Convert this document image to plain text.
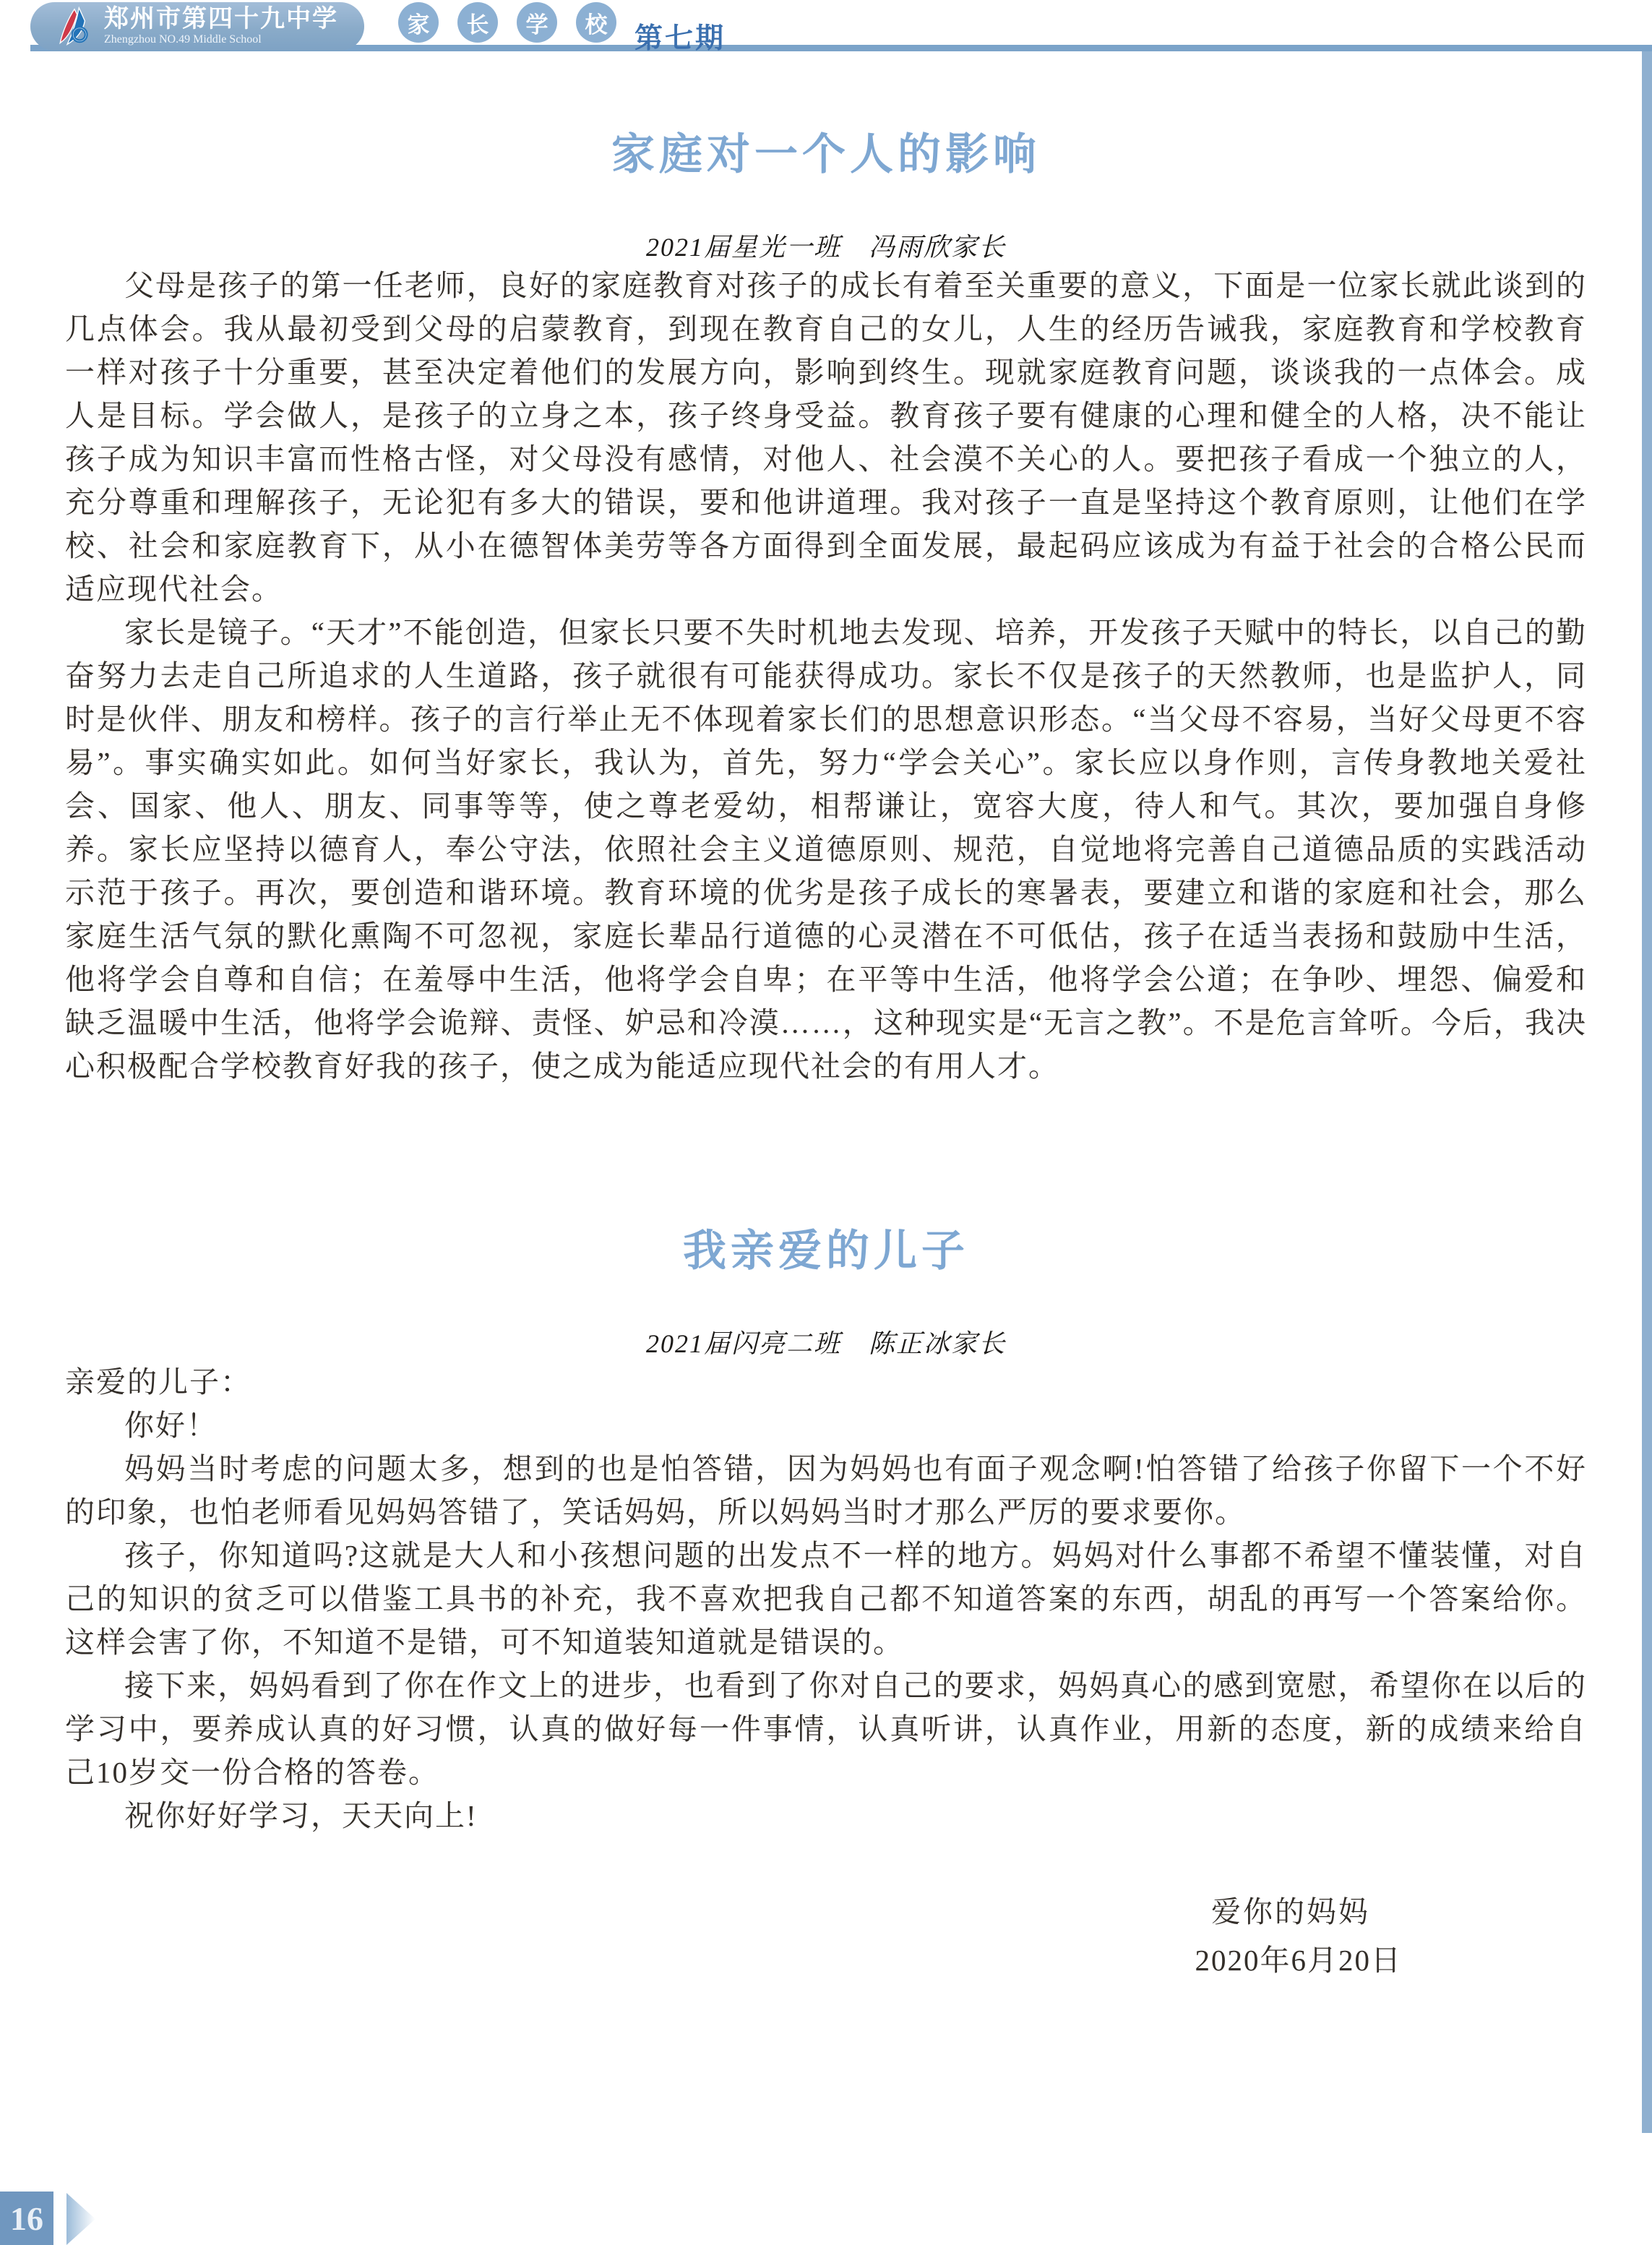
郑州市第四十九中学
Zhengzhou NO.49 Middle School
家	长	学	校 第七期
家庭对一个人的影响
2021届星光一班　冯雨欣家长

父母是孩子的第一任老师，良好的家庭教育对孩子的成长有着至关重要的意义，下面是一位家长就此谈到的几点体会。我从最初受到父母的启蒙教育，到现在教育自己的女儿，人生的经历告诫我，家庭教育和学校教育一样对孩子十分重要，甚至决定着他们的发展方向，影响到终生。现就家庭教育问题，谈谈我的一点体会。成人是目标。学会做人，是孩子的立身之本，孩子终身受益。教育孩子要有健康的心理和健全的人格，决不能让孩子成为知识丰富而性格古怪，对父母没有感情，对他人、社会漠不关心的人。要把孩子看成一个独立的人，充分尊重和理解孩子，无论犯有多大的错误，要和他讲道理。我对孩子一直是坚持这个教育原则，让他们在学校、社会和家庭教育下，从小在德智体美劳等各方面得到全面发展，最起码应该成为有益于社会的合格公民而适应现代社会。

家长是镜子。“天才”不能创造，但家长只要不失时机地去发现、培养，开发孩子天赋中的特长，以自己的勤奋努力去走自己所追求的人生道路，孩子就很有可能获得成功。家长不仅是孩子的天然教师，也是监护人，同时是伙伴、朋友和榜样。孩子的言行举止无不体现着家长们的思想意识形态。“当父母不容易，当好父母更不容易”。事实确实如此。如何当好家长，我认为，首先，努力“学会关心”。家长应以身作则，言传身教地关爱社会、国家、他人、朋友、同事等等，使之尊老爱幼，相帮谦让，宽容大度，待人和气。其次，要加强自身修养。家长应坚持以德育人，奉公守法，依照社会主义道德原则、规范，自觉地将完善自己道德品质的实践活动示范于孩子。再次，要创造和谐环境。教育环境的优劣是孩子成长的寒暑表，要建立和谐的家庭和社会，那么家庭生活气氛的默化熏陶不可忽视，家庭长辈品行道德的心灵潜在不可低估，孩子在适当表扬和鼓励中生活，他将学会自尊和自信；在羞辱中生活，他将学会自卑；在平等中生活，他将学会公道；在争吵、埋怨、偏爱和缺乏温暖中生活，他将学会诡辩、责怪、妒忌和冷漠……，这种现实是“无言之教”。不是危言耸听。今后，我决心积极配合学校教育好我的孩子，使之成为能适应现代社会的有用人才。

我亲爱的儿子
2021届闪亮二班　陈正冰家长

亲爱的儿子：

你好！

妈妈当时考虑的问题太多，想到的也是怕答错，因为妈妈也有面子观念啊!怕答错了给孩子你留下一个不好的印象，也怕老师看见妈妈答错了，笑话妈妈，所以妈妈当时才那么严厉的要求要你。

孩子，你知道吗?这就是大人和小孩想问题的出发点不一样的地方。妈妈对什么事都不希望不懂装懂，对自己的知识的贫乏可以借鉴工具书的补充，我不喜欢把我自己都不知道答案的东西，胡乱的再写一个答案给你。这样会害了你，不知道不是错，可不知道装知道就是错误的。

接下来，妈妈看到了你在作文上的进步，也看到了你对自己的要求，妈妈真心的感到宽慰，希望你在以后的学习中，要养成认真的好习惯，认真的做好每一件事情，认真听讲，认真作业，用新的态度，新的成绩来给自己10岁交一份合格的答卷。

祝你好好学习，天天向上!

爱你的妈妈
2020年6月20日
16
